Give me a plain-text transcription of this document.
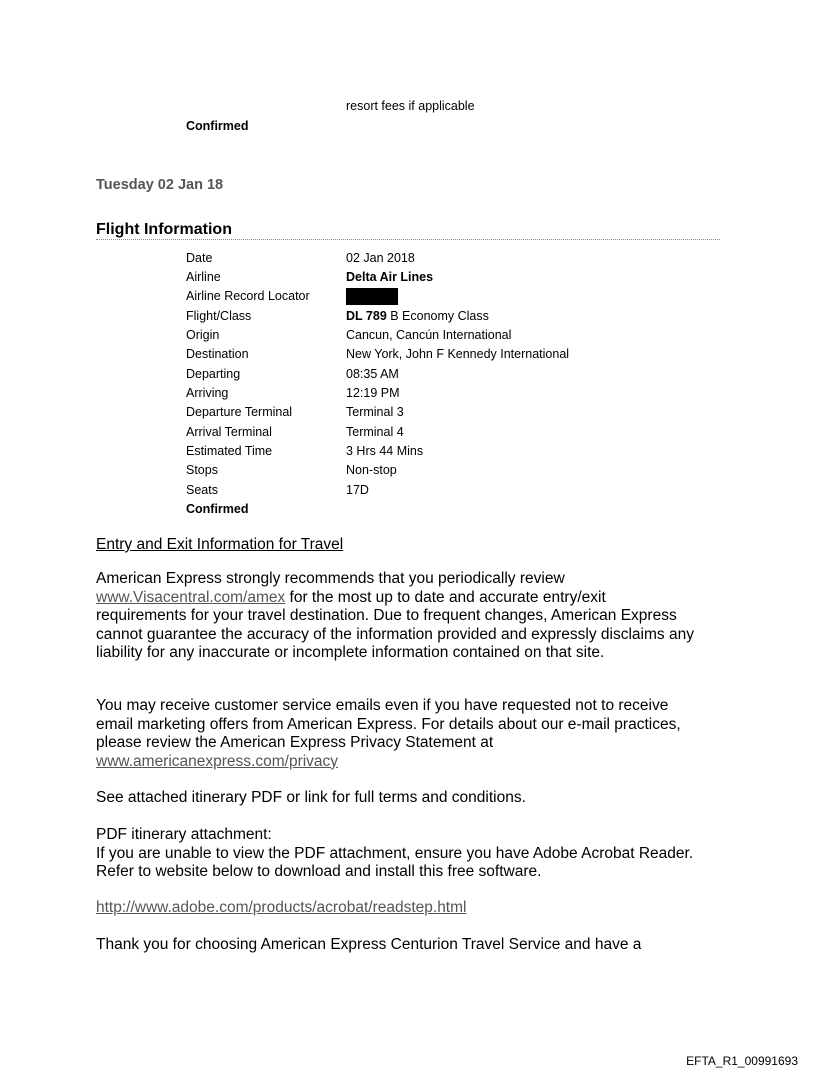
resort fees if applicable
Confirmed
Tuesday 02 Jan 18
Flight Information
Date	02 Jan 2018
Airline	Delta Air Lines
Airline Record Locator
Flight/Class	DL 789 B Economy Class
Origin	Cancun, Cancún International
Destination	New York, John F Kennedy International
Departing	08:35 AM
Arriving	12:19 PM
Departure Terminal	Terminal 3
Arrival Terminal	Terminal 4
Estimated Time	3 Hrs 44 Mins
Stops	Non-stop
Seats	17D
Confirmed
Entry and Exit Information for Travel

American Express strongly recommends that you periodically review

www.Visacentral.com/amex for the most up to date and accurate entry/exit

requirements for your travel destination. Due to frequent changes, American Express

cannot guarantee the accuracy of the information provided and expressly disclaims any

liability for any inaccurate or incomplete information contained on that site.

You may receive customer service emails even if you have requested not to receive

email marketing offers from American Express. For details about our e-mail practices,

please review the American Express Privacy Statement at

www.americanexpress.com/privacy

See attached itinerary PDF or link for full terms and conditions.

PDF itinerary attachment:

If you are unable to view the PDF attachment, ensure you have Adobe Acrobat Reader.

Refer to website below to download and install this free software.

http://www.adobe.com/products/acrobat/readstep.html
Thank you for choosing American Express Centurion Travel Service and have a
EFTA_R1_00991693
